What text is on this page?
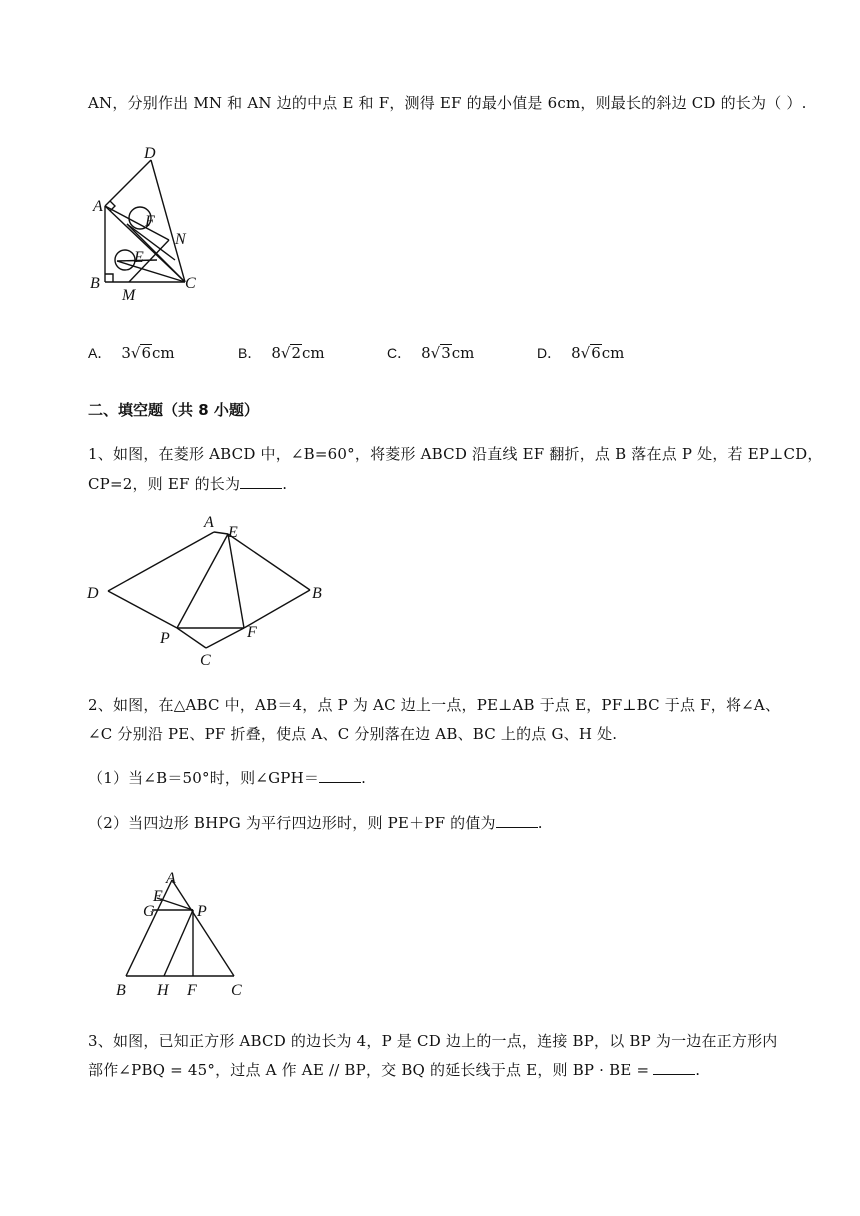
AN，分别作出 MN 和 AN 边的中点 E 和 F，测得 EF 的最小值是 6cm，则最长的斜边 CD 的长为（ ）.
D
A
F
N
E
B
M
C
A． 3√6cm	B． 8√2cm	C． 8√3cm	D． 8√6cm
二、填空题（共 8 小题）
1、如图，在菱形 ABCD 中，∠B=60°，将菱形 ABCD 沿直线 EF 翻折，点 B 落在点 P 处，若 EP⊥CD，
CP=2，则 EF 的长为	.
A
E
D	B
P	F
C
2、如图，在△ABC 中，AB＝4，点 P 为 AC 边上一点，PE⊥AB 于点 E，PF⊥BC 于点 F，将∠A、
∠C 分别沿 PE、PF 折叠，使点 A、C 分别落在边 AB、BC 上的点 G、H 处.
（1）当∠B＝50°时，则∠GPH＝	.
（2）当四边形 BHPG 为平行四边形时，则 PE＋PF 的值为	.
A
E
G	P
B H F C
3、如图，已知正方形 ABCD 的边长为 4，P 是 CD 边上的一点，连接 BP，以 BP 为一边在正方形内
部作∠PBQ = 45°，过点 A 作 AE // BP，交 BQ 的延长线于点 E，则 BP · BE =	.
